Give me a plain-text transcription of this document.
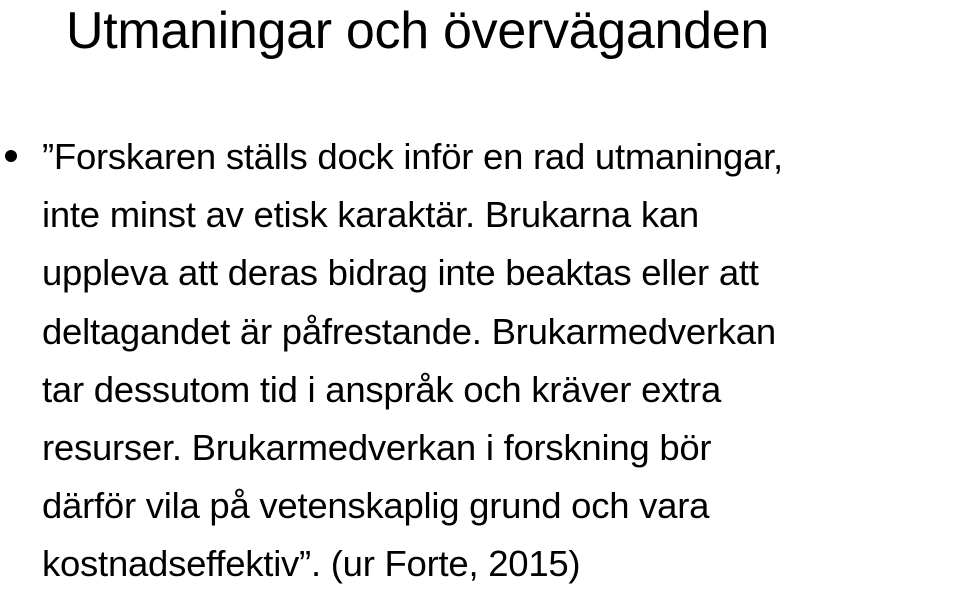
Utmaningar och överväganden
”Forskaren ställs dock inför en rad utmaningar,
inte minst av etisk karaktär. Brukarna kan
uppleva att deras bidrag inte beaktas eller att
deltagandet är påfrestande. Brukarmedverkan
tar dessutom tid i anspråk och kräver extra
resurser. Brukarmedverkan i forskning bör
därför vila på vetenskaplig grund och vara
kostnadseffektiv”. (ur Forte, 2015)
